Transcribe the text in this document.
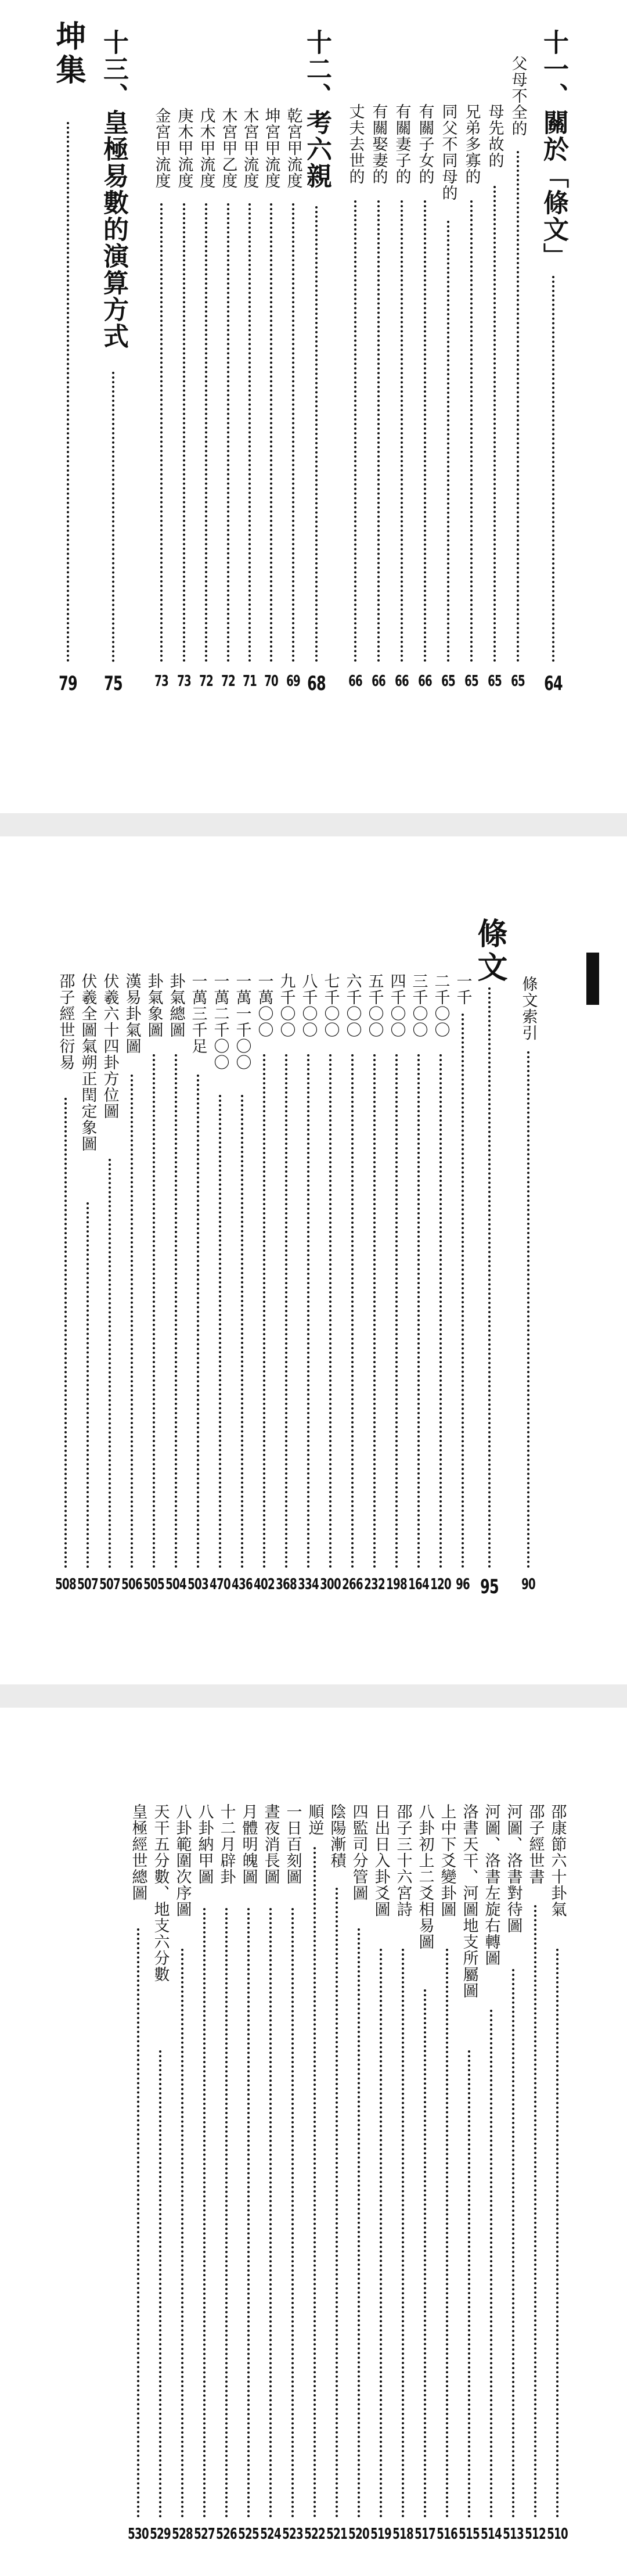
十一、關於「條文」
64
父母不全的
65
母先故的
65
兄弟多寡的
65
同父不同母的
65
有關子女的
66
有關妻子的
66
有關娶妻的
66
丈夫去世的
66
十二、考六親
68
乾宮甲流度
69
坤宮甲流度
70
木宮甲流度
71
木宮甲乙度
72
戊木甲流度
72
庚木甲流度
73
金宮甲流度
73
十三、皇極易數的演算方式
75
坤集
79
條文
95
條文索引
90
一千
96
二千〇〇
120
三千〇〇
164
四千〇〇
198
五千〇〇
232
六千〇〇
266
七千〇〇
300
八千〇〇
334
九千〇〇
368
一萬〇〇
402
一萬一千〇〇
436
一萬二千〇〇
470
一萬三千足
503
卦氣總圖
504
卦氣象圖
505
漢易卦氣圖
506
伏羲六十四卦方位圖
507
伏羲全圖氣朔正閏定象圖
507
邵子經世衍易
508
邵康節六十卦氣
510
邵子經世書
512
河圖、洛書對待圖
513
河圖、洛書左旋右轉圖
514
洛書天干、河圖地支所屬圖
515
上中下爻變卦圖
516
八卦初上二爻相易圖
517
邵子三十六宮詩
518
日出日入卦爻圖
519
四監司分管圖
520
陰陽漸積
521
順逆
522
一日百刻圖
523
晝夜消長圖
524
月體明魄圖
525
十二月辟卦
526
八卦納甲圖
527
八卦範圍次序圖
528
天干五分數、地支六分數
529
皇極經世總圖
530
